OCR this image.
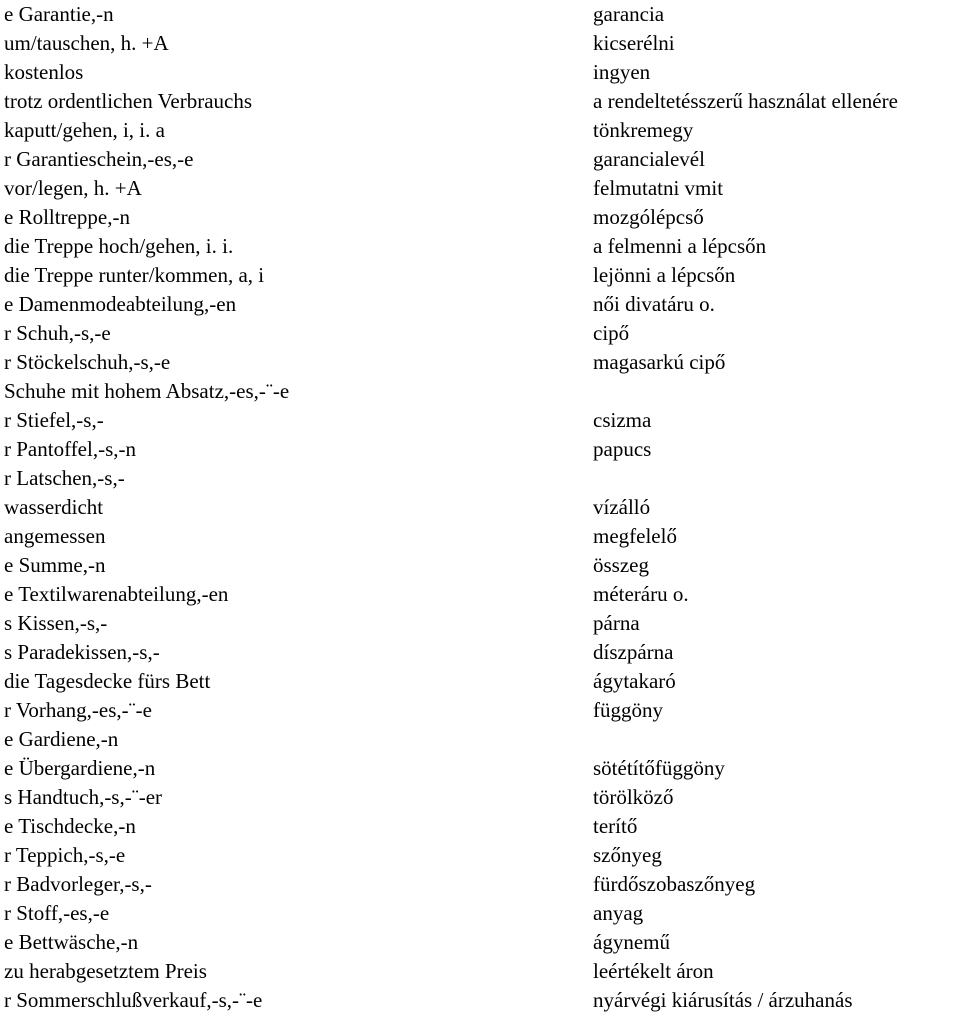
e Garantie,-n	garancia
um/tauschen, h. +A	kicserélni
kostenlos	ingyen
trotz ordentlichen Verbrauchs	a rendeltetésszerű használat ellenére
kaputt/gehen, i, i. a	tönkremegy
r Garantieschein,-es,-e	garancialevél
vor/legen, h. +A	felmutatni vmit
e Rolltreppe,-n	mozgólépcső
die Treppe hoch/gehen, i. i.	a felmenni a lépcsőn
die Treppe runter/kommen, a, i	lejönni a lépcsőn
e Damenmodeabteilung,-en	női divatáru o.
r Schuh,-s,-e	cipő
r Stöckelschuh,-s,-e	magasarkú cipő
Schuhe mit hohem Absatz,-es,-¨-e
r Stiefel,-s,-	csizma
r Pantoffel,-s,-n	papucs
r Latschen,-s,-
wasserdicht	vízálló
angemessen	megfelelő
e Summe,-n	összeg
e Textilwarenabteilung,-en	méteráru o.
s Kissen,-s,-	párna
s Paradekissen,-s,-	díszpárna
die Tagesdecke fürs Bett	ágytakaró
r Vorhang,-es,-¨-e	függöny
e Gardiene,-n
e Übergardiene,-n	sötétítőfüggöny
s Handtuch,-s,-¨-er	törölköző
e Tischdecke,-n	terítő
r Teppich,-s,-e	szőnyeg
r Badvorleger,-s,-	fürdőszobaszőnyeg
r Stoff,-es,-e	anyag
e Bettwäsche,-n	ágynemű
zu herabgesetztem Preis	leértékelt áron
r Sommerschlußverkauf,-s,-¨-e	nyárvégi kiárusítás / árzuhanás
